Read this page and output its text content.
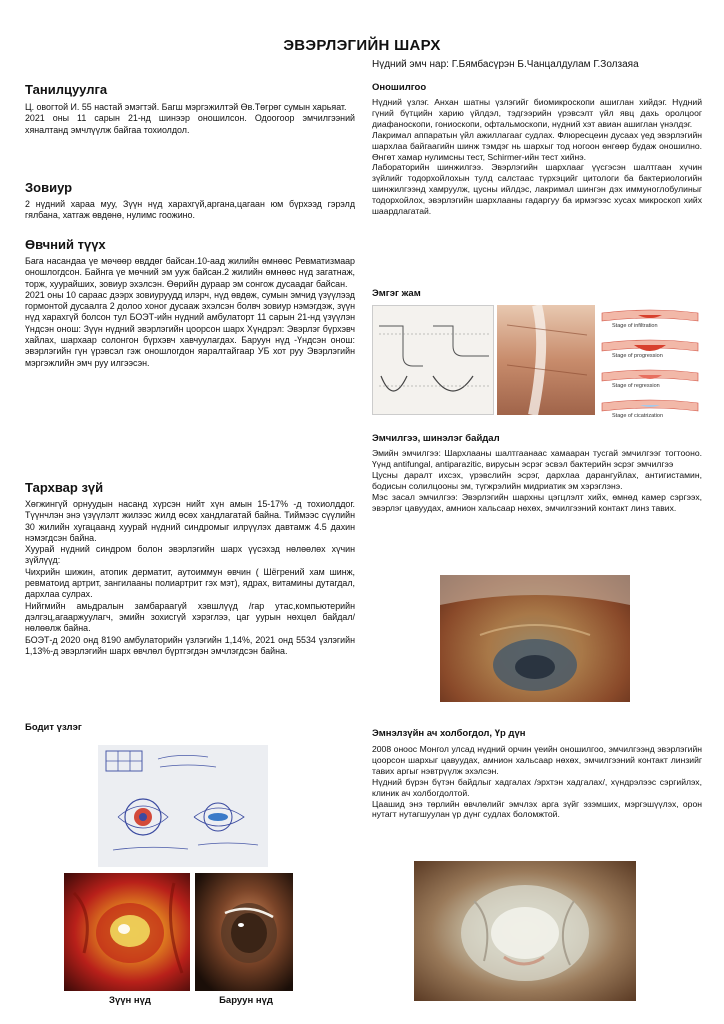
ЭВЭРЛЭГИЙН ШАРХ
Нүдний эмч нар: Г.Бямбасүрэн Б.Чанцалдулам Г.Золзаяа
Танилцуулга
Ц. овогтой И. 55 настай эмэгтэй. Багш мэргэжилтэй Өв.Төгрөг сумын харьяат.
2021 оны 11 сарын 21-нд шинээр оношилсон. Одоогоор эмчилгээний хяналтанд эмчлүүлж байгаа тохиолдол.
Зовиур
2 нүдний хараа муу, Зүүн нүд харахгүй,аргана,цагаан юм бүрхээд гэрэлд гялбана, хатгаж өвдөнө, нулимс гоожино.
Өвчний түүх
Бага насандаа үе мөчөөр өвддөг байсан.10-аад жилийн өмнөөс Ревматизмаар оношлогдсон. Байнга үе мөчний эм ууж байсан.2 жилийн өмнөөс нүд загатнаж, торж, хуурайших, зовиур эхэлсэн. Өөрийн дураар эм сонгож дусаадаг байсан.
2021 оны 10 сараас дээрх зовиуруудд илэрч, нүд өвдөж, сумын эмчид үзүүлээд гормонтой дусаалга 2 долоо хоног дусааж эхэлсэн болвч зовиур нэмэгдэж, зүүн нүд харахгүй болсон тул БОЭТ-ийн нүдний амбулаторт 11 сарын 21-нд үзүүлэн Үндсэн онош: Зүүн нүдний эвэрлэгийн цоорсон шарх Хүндрэл: Эвэрлэг бүрхэвч хайлах, шархаар солонгон бүрхэвч хавчуулагдах. Баруун нүд -Үндсэн онош: эвэрлэгийн гүн үрэвсэл гэж оношлогдон яаралтайгаар УБ хот руу Эвэрлэгийн мэргэжлийн эмч руу илгээсэн.
Тархвар зүй
Хөгжингүй орнуудын насанд хүрсэн нийт хүн амын 15-17% -д тохиолддог. Түүнчлэн энэ үзүүлэлт жилээс жилд өсөх хандлагатай байна. Тиймээс сүүлийн 30 жилийн хугацаанд хуурай нүдний синдромыг илрүүлэх давтамж 4.5 дахин нэмэгдсэн байна.
Хуурай нүдний синдром болон эвэрлэгийн шарх үүсэхэд нөлөөлөх хүчин зүйлүүд:
Чихрийн шижин, атопик дерматит, аутоиммун өвчин ( Шёгрений хам шинж, ревматоид артрит, зангилааны полиартрит гэх мэт), ядрах, витамины дутагдал, дархлаа сулрах.
Нийгмийн амьдралын замбараагүй хэвшлүүд /гар утас,компьютерийн дэлгэц,агааржуулагч, эмийн зохисгүй хэрэглээ, цаг уурын нөхцөл байдал/ нөлөөлж байна.
БОЭТ-д 2020 онд 8190 амбулаторийн үзлэгийн 1,14%, 2021 онд 5534 үзлэгийн 1,13%-д эвэрлэгийн шарх өвчлөл бүртгэгдэн эмчлэгдсэн байна.
Бодит үзлэг
Зүүн нүд	Баруун нүд
Оношилгоо
Нүдний үзлэг. Анхан шатны үзлэгийг биомикроскопи ашиглан хийдэг. Нүдний гүний бүтцийн харию үйлдэл, тэдгээрийн үрэвсэлт үйл явц дахь оролцоог диафаноскопи, гониоскопи, офтальмоскопи, нүдний хэт авиан ашиглан үнэлдэг.
Лакримал аппаратын үйл ажиллагааг судлах. Флюресцеин дусаах үед эвэрлэгийн шархлаа байгаагийн шинж тэмдэг нь шархыг тод ногоон өнгөөр будаж оношилно. Өнгөт хамар нулимсны тест, Schirmer-ийн тест хийнэ.
Лабораторийн шинжилгээ. Эвэрлэгийн шархлааг үүсгэсэн шалтгаан хүчин зүйлийг тодорхойлохын тулд салстаас түрхэцийг цитологи ба бактериологийн шинжилгээнд хамруулж, цусны ийлдэс, лакримал шингэн дэх иммуноглобулиныг тодорхойлох, эвэрлэгийн шархлааны гадаргуу ба ирмэгээс хусах микроскоп хийх шаардлагатай.
Эмгэг жам
Stage of infiltration
Stage of progression
Stage of regression
Stage of cicatrization
Эмчилгээ, шинэлэг байдал
Эмийн эмчилгээ: Шархлааны шалтгаанаас хамааран тусгай эмчилгээг тогтооно. Үүнд antifungal, antiparazitic, вирусын эсрэг эсвэл бактерийн эсрэг эмчилгээ
Цусны даралт ихсэх, үрэвслийн эсрэг, дархлаа дарангуйлах, антигистамин, бодисын солилцооны эм, түгжрэлийн мидриатик эм хэрэглэнэ.
Мэс засал эмчилгээ: Эвэрлэгийн шархны цэгцлэлт хийх, өмнөд камер сэргээх, эвэрлэг цавуудах, амнион хальсаар нөхөх, эмчилгээний контакт линз тавих.
Эмнэлзүйн ач холбогдол, Үр дүн
2008 оноос Монгол улсад нүдний орчин үеийн оношилгоо, эмчилгээнд эвэрлэгийн цоорсон шархыг цавуудах, амнион хальсаар нөхөх, эмчилгээний контакт линзийг тавих аргыг нэвтрүүлж эхэлсэн.
Нүдний бүрэн бүтэн байдлыг хадгалах /эрхтэн хадгалах/, хүндрэлээс сэргийлэх, клиник ач холбогдолтой.
Цаашид энэ төрлийн өвчлөлийг эмчлэх арга зүйг эзэмших, мэргэшүүлэх, орон нутагт нутагшуулан үр дүнг судлах боломжтой.
